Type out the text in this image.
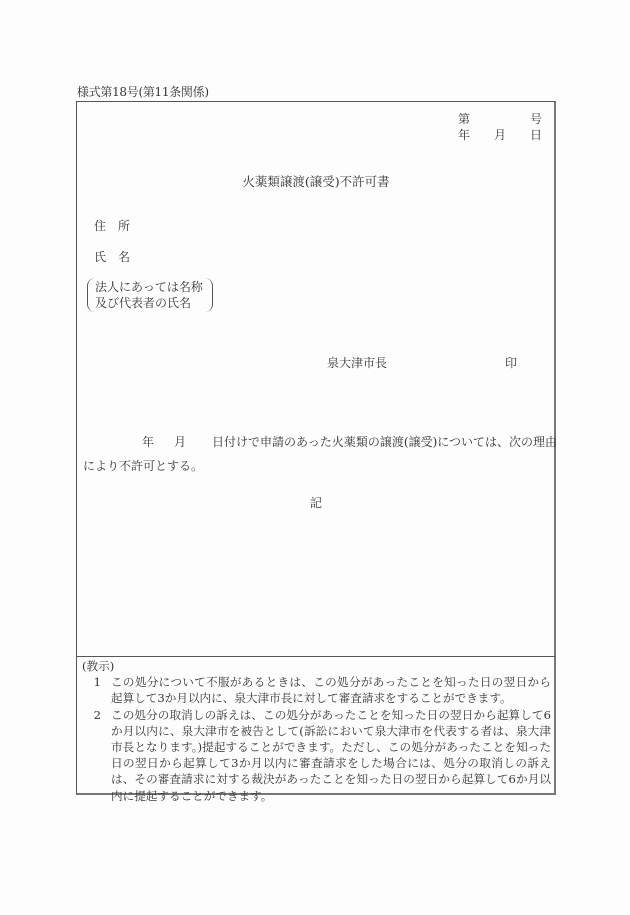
様式第18号(第11条関係)
第	号
年 月 日
火薬類譲渡(譲受)不許可書
住　所
氏　名
法人にあっては名称
及び代表者の氏名
泉大津市長	印
年 月 日付けで申請のあった火薬類の譲渡(譲受)については、次の理由
により不許可とする。
記
(教示)
1 この処分について不服があるときは、この処分があったことを知った日の翌日から起算して3か月以内に、泉大津市長に対して審査請求をすることができます。
2 この処分の取消しの訴えは、この処分があったことを知った日の翌日から起算して6か月以内に、泉大津市を被告として(訴訟において泉大津市を代表する者は、泉大津市長となります。)提起することができます。ただし、この処分があったことを知った日の翌日から起算して3か月以内に審査請求をした場合には、処分の取消しの訴えは、その審査請求に対する裁決があったことを知った日の翌日から起算して6か月以内に提起することができます。
